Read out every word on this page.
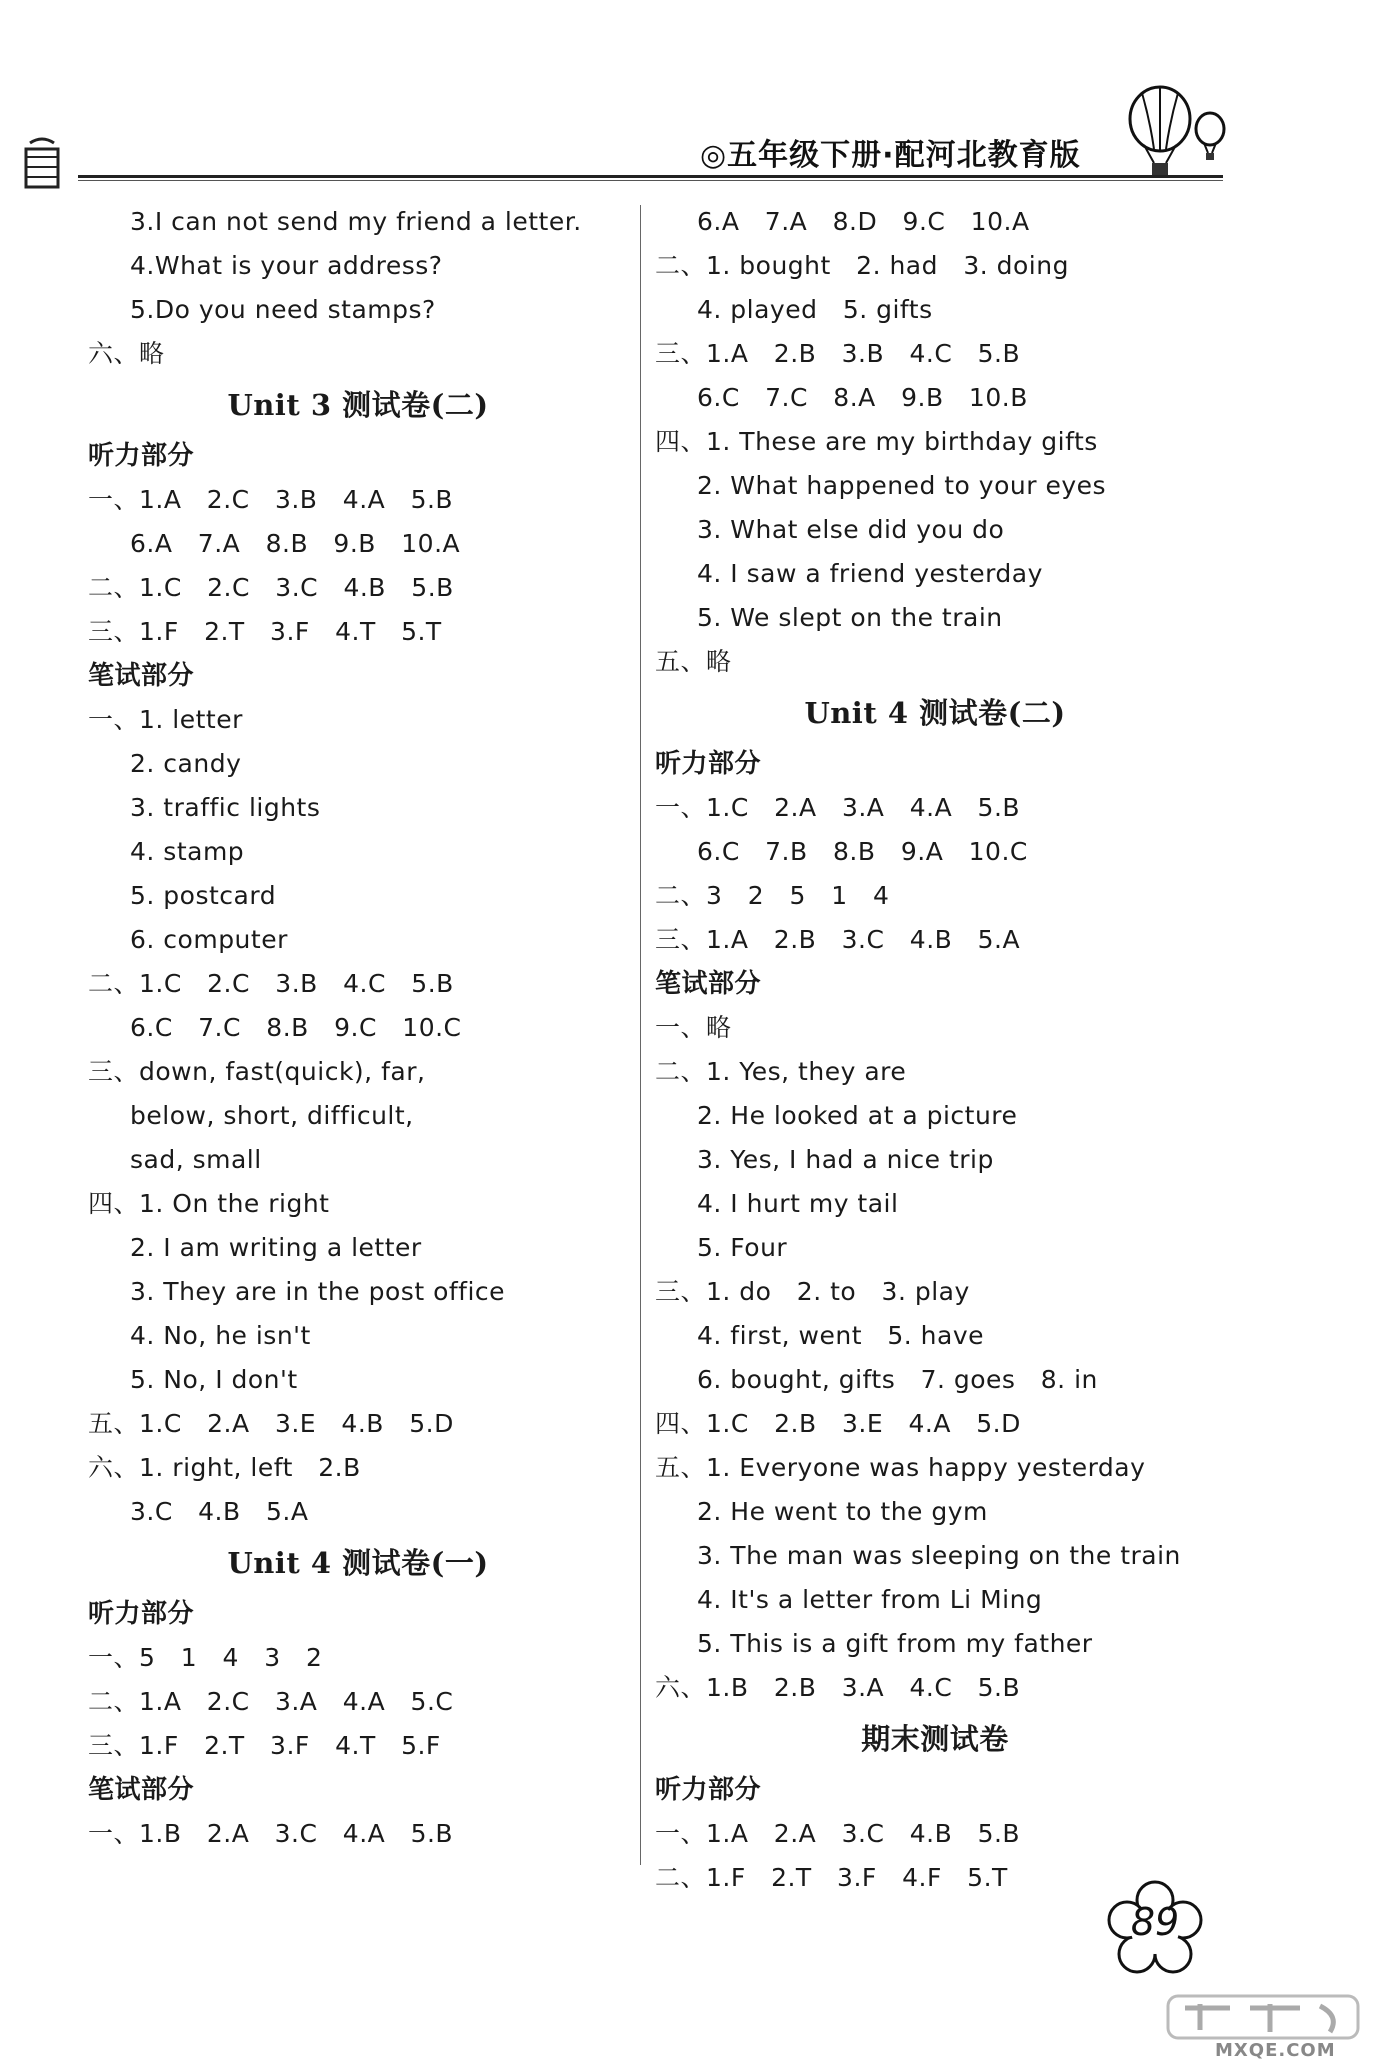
◎五年级下册·配河北教育版
3.I can not send my friend a letter.
4.What is your address?
5.Do you need stamps?
六、略
Unit 3 测试卷(二)
听力部分
一、1.A   2.C   3.B   4.A   5.B
6.A   7.A   8.B   9.B   10.A
二、1.C   2.C   3.C   4.B   5.B
三、1.F   2.T   3.F   4.T   5.T
笔试部分
一、1. letter
2. candy
3. traffic lights
4. stamp
5. postcard
6. computer
二、1.C   2.C   3.B   4.C   5.B
6.C   7.C   8.B   9.C   10.C
三、down, fast(quick), far,
below, short, difficult,
sad, small
四、1. On the right
2. I am writing a letter
3. They are in the post office
4. No, he isn't
5. No, I don't
五、1.C   2.A   3.E   4.B   5.D
六、1. right, left   2.B
3.C   4.B   5.A
Unit 4 测试卷(一)
听力部分
一、5   1   4   3   2
二、1.A   2.C   3.A   4.A   5.C
三、1.F   2.T   3.F   4.T   5.F
笔试部分
一、1.B   2.A   3.C   4.A   5.B
6.A   7.A   8.D   9.C   10.A
二、1. bought   2. had   3. doing
4. played   5. gifts
三、1.A   2.B   3.B   4.C   5.B
6.C   7.C   8.A   9.B   10.B
四、1. These are my birthday gifts
2. What happened to your eyes
3. What else did you do
4. I saw a friend yesterday
5. We slept on the train
五、略
Unit 4 测试卷(二)
听力部分
一、1.C   2.A   3.A   4.A   5.B
6.C   7.B   8.B   9.A   10.C
二、3   2   5   1   4
三、1.A   2.B   3.C   4.B   5.A
笔试部分
一、略
二、1. Yes, they are
2. He looked at a picture
3. Yes, I had a nice trip
4. I hurt my tail
5. Four
三、1. do   2. to   3. play
4. first, went   5. have
6. bought, gifts   7. goes   8. in
四、1.C   2.B   3.E   4.A   5.D
五、1. Everyone was happy yesterday
2. He went to the gym
3. The man was sleeping on the train
4. It's a letter from Li Ming
5. This is a gift from my father
六、1.B   2.B   3.A   4.C   5.B
期末测试卷
听力部分
一、1.A   2.A   3.C   4.B   5.B
二、1.F   2.T   3.F   4.F   5.T
89
MXQE.COM
